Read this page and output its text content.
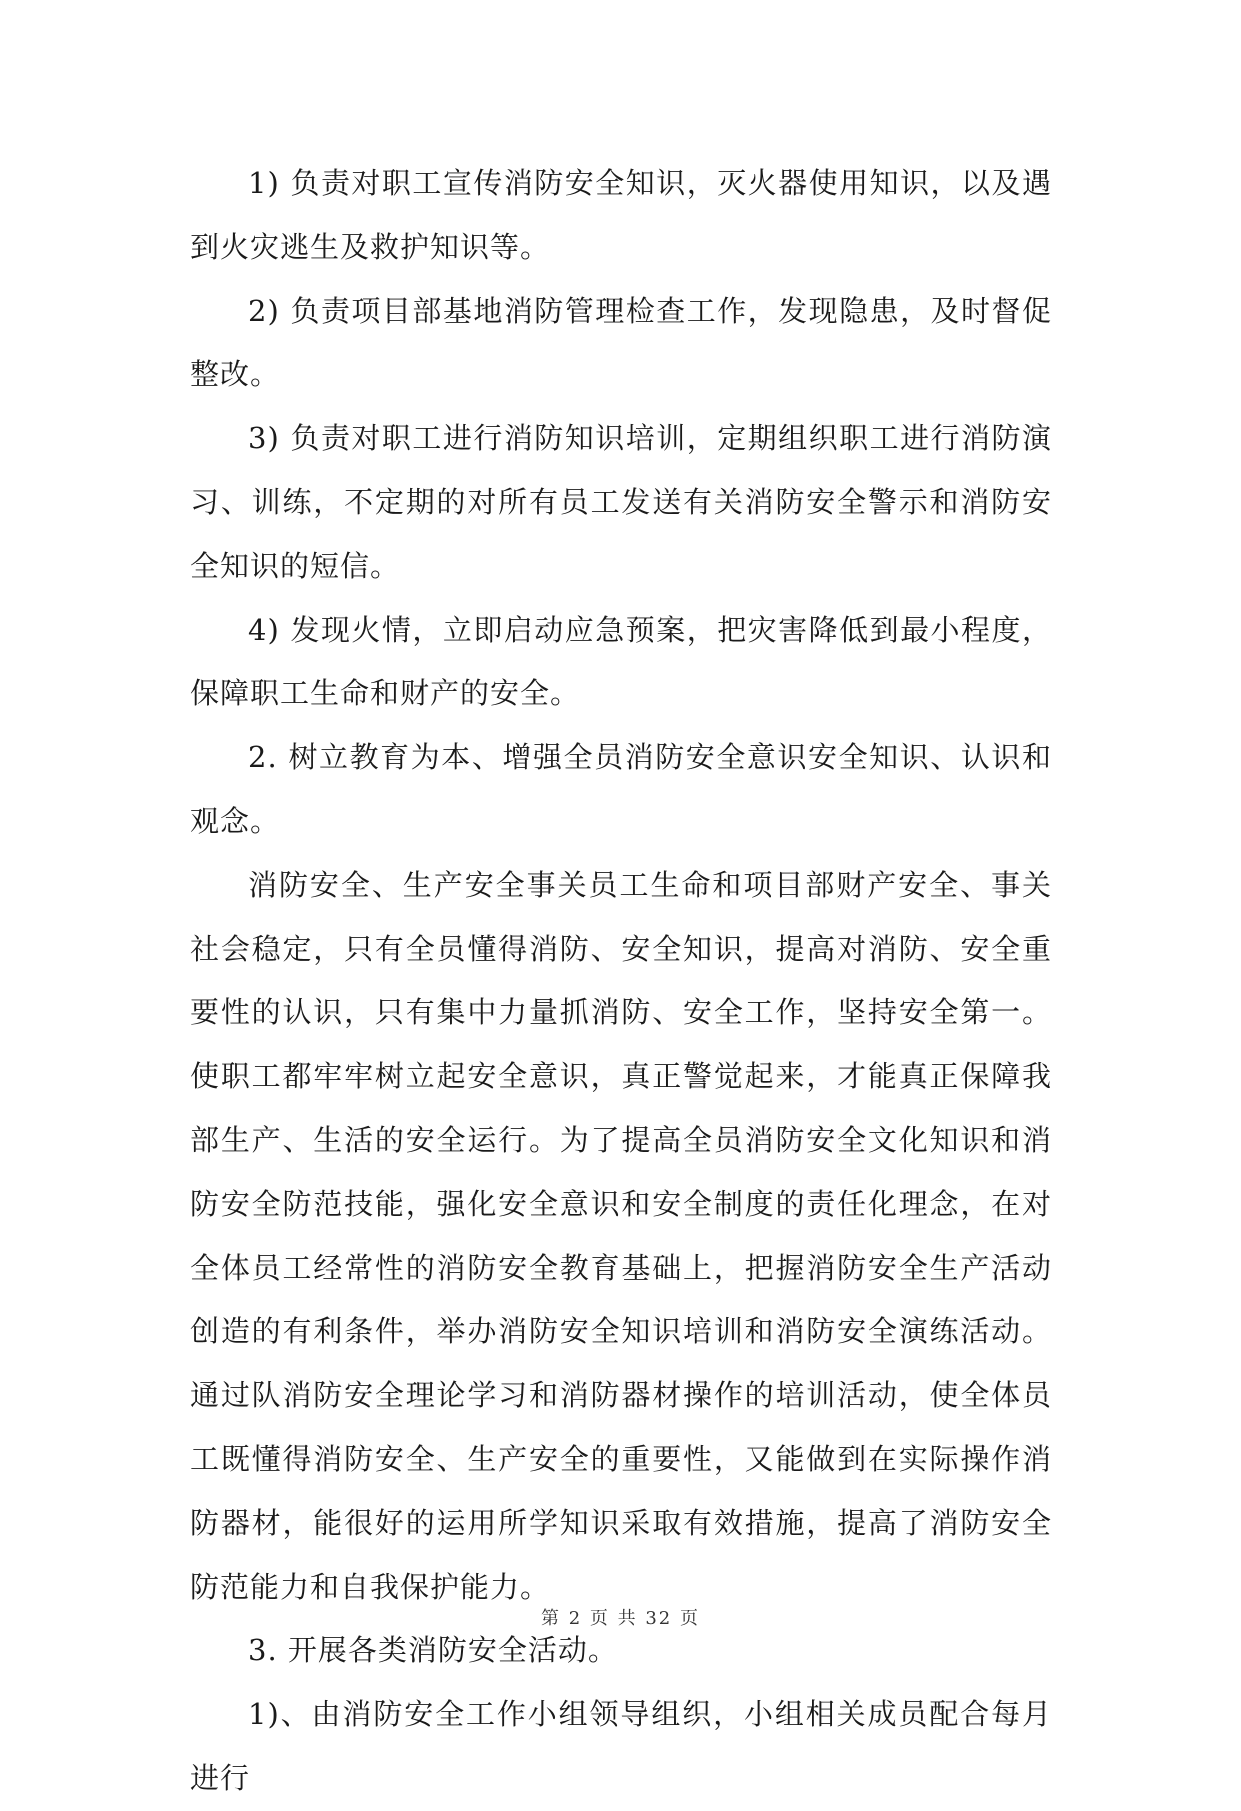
1) 负责对职工宣传消防安全知识，灭火器使用知识，以及遇到火灾逃生及救护知识等。

2) 负责项目部基地消防管理检查工作，发现隐患，及时督促整改。

3) 负责对职工进行消防知识培训，定期组织职工进行消防演习、训练，不定期的对所有员工发送有关消防安全警示和消防安全知识的短信。

4) 发现火情，立即启动应急预案，把灾害降低到最小程度，保障职工生命和财产的安全。

2. 树立教育为本、增强全员消防安全意识安全知识、认识和观念。

消防安全、生产安全事关员工生命和项目部财产安全、事关社会稳定，只有全员懂得消防、安全知识，提高对消防、安全重要性的认识，只有集中力量抓消防、安全工作，坚持安全第一。使职工都牢牢树立起安全意识，真正警觉起来，才能真正保障我部生产、生活的安全运行。为了提高全员消防安全文化知识和消防安全防范技能，强化安全意识和安全制度的责任化理念，在对全体员工经常性的消防安全教育基础上，把握消防安全生产活动创造的有利条件，举办消防安全知识培训和消防安全演练活动。通过队消防安全理论学习和消防器材操作的培训活动，使全体员工既懂得消防安全、生产安全的重要性，又能做到在实际操作消防器材，能很好的运用所学知识采取有效措施，提高了消防安全防范能力和自我保护能力。

3. 开展各类消防安全活动。

1)、由消防安全工作小组领导组织，小组相关成员配合每月进行

第 2 页 共 32 页
